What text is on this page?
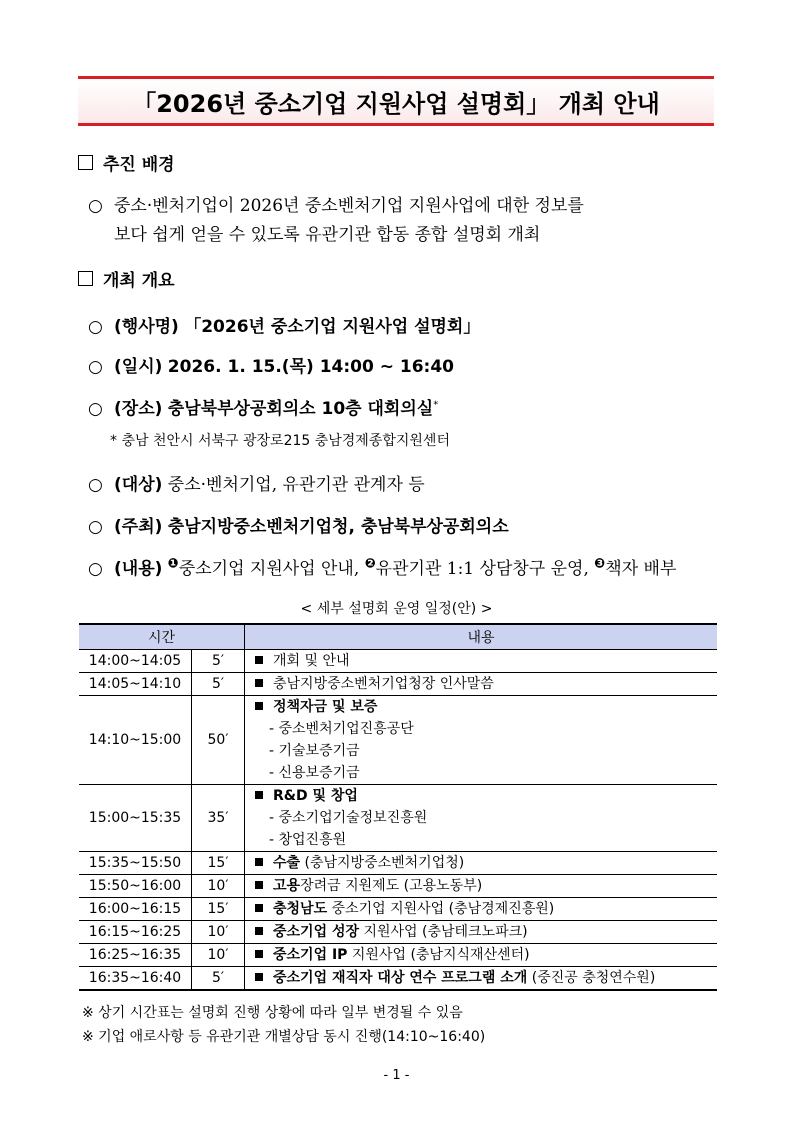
「2026년 중소기업 지원사업 설명회」 개최 안내
추진 배경
○ 중소·벤처기업이 2026년 중소벤처기업 지원사업에 대한 정보를
보다 쉽게 얻을 수 있도록 유관기관 합동 종합 설명회 개최
개최 개요
○ (행사명) 「2026년 중소기업 지원사업 설명회」
○ (일시) 2026. 1. 15.(목) 14:00 ~ 16:40
○ (장소) 충남북부상공회의소 10층 대회의실*
* 충남 천안시 서북구 광장로215 충남경제종합지원센터
○ (대상) 중소·벤처기업, 유관기관 관계자 등
○ (주최) 충남지방중소벤처기업청, 충남북부상공회의소
○ (내용) $^❶$중소기업 지원사업 안내, $^❷$유관기관 1:1 상담창구 운영, $^❸$책자 배부
< 세부 설명회 운영 일정(안) >
시간		내용
14:00~14:05	5′	개회 및 안내

14:05~14:10	5′	충남지방중소벤처기업청장 인사말씀

14:10~15:00	50′	정책자금 및 보증
- 중소벤처기업진흥공단
- 기술보증기금
- 신용보증기금

15:00~15:35	35′	R&D 및 창업
- 중소기업기술정보진흥원
- 창업진흥원

15:35~15:50	15′	수출 (충남지방중소벤처기업청)

15:50~16:00	10′	고용장려금 지원제도 (고용노동부)

16:00~16:15	15′	충청남도 중소기업 지원사업 (충남경제진흥원)

16:15~16:25	10′	중소기업 성장 지원사업 (충남테크노파크)

16:25~16:35	10′	중소기업 IP 지원사업 (충남지식재산센터)

16:35~16:40	5′	중소기업 재직자 대상 연수 프로그램 소개 (중진공 충청연수원)
※ 상기 시간표는 설명회 진행 상황에 따라 일부 변경될 수 있음
※ 기업 애로사항 등 유관기관 개별상담 동시 진행(14:10~16:40)
- 1 -
